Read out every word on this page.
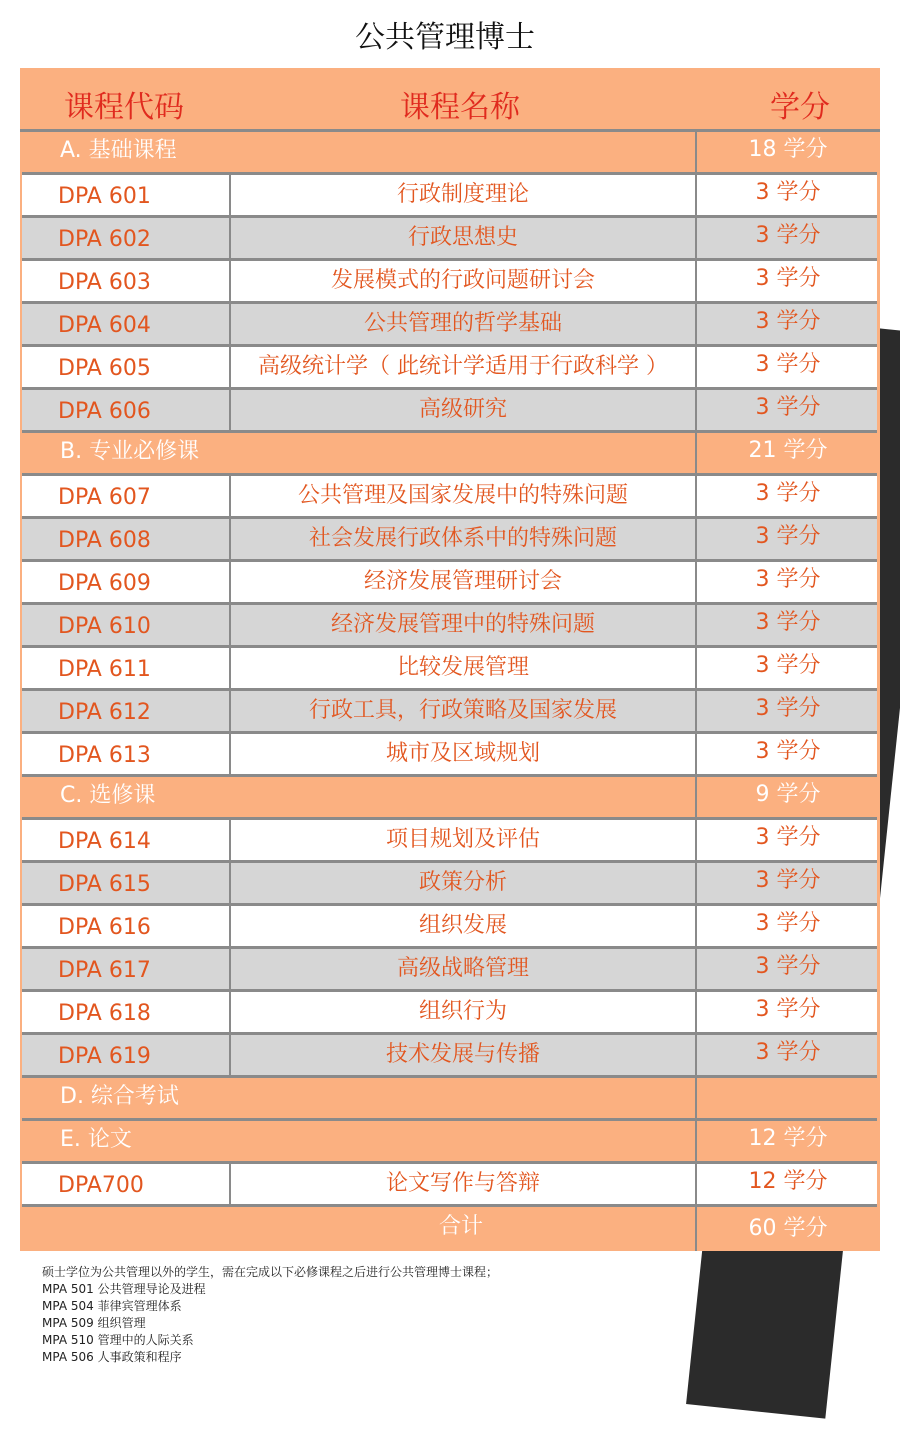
公共管理博士
课程代码	课程名称	学分
A. 基础课程	18 学分
DPA 601	行政制度理论	3 学分
DPA 602	行政思想史	3 学分
DPA 603	发展模式的行政问题研讨会	3 学分
DPA 604	公共管理的哲学基础	3 学分
DPA 605	高级统计学（ 此统计学适用于行政科学 ）	3 学分
DPA 606	高级研究	3 学分
B. 专业必修课	21 学分
DPA 607	公共管理及国家发展中的特殊问题	3 学分
DPA 608	社会发展行政体系中的特殊问题	3 学分
DPA 609	经济发展管理研讨会	3 学分
DPA 610	经济发展管理中的特殊问题	3 学分
DPA 611	比较发展管理	3 学分
DPA 612	行政工具，行政策略及国家发展	3 学分
DPA 613	城市及区域规划	3 学分
C. 选修课	9 学分
DPA 614	项目规划及评估	3 学分
DPA 615	政策分析	3 学分
DPA 616	组织发展	3 学分
DPA 617	高级战略管理	3 学分
DPA 618	组织行为	3 学分
DPA 619	技术发展与传播	3 学分
D. 综合考试
E. 论文	12 学分
DPA700	论文写作与答辩	12 学分
合计	60 学分
硕士学位为公共管理以外的学生，需在完成以下必修课程之后进行公共管理博士课程；
MPA 501 公共管理导论及进程
MPA 504 菲律宾管理体系
MPA 509 组织管理
MPA 510 管理中的人际关系
MPA 506 人事政策和程序
